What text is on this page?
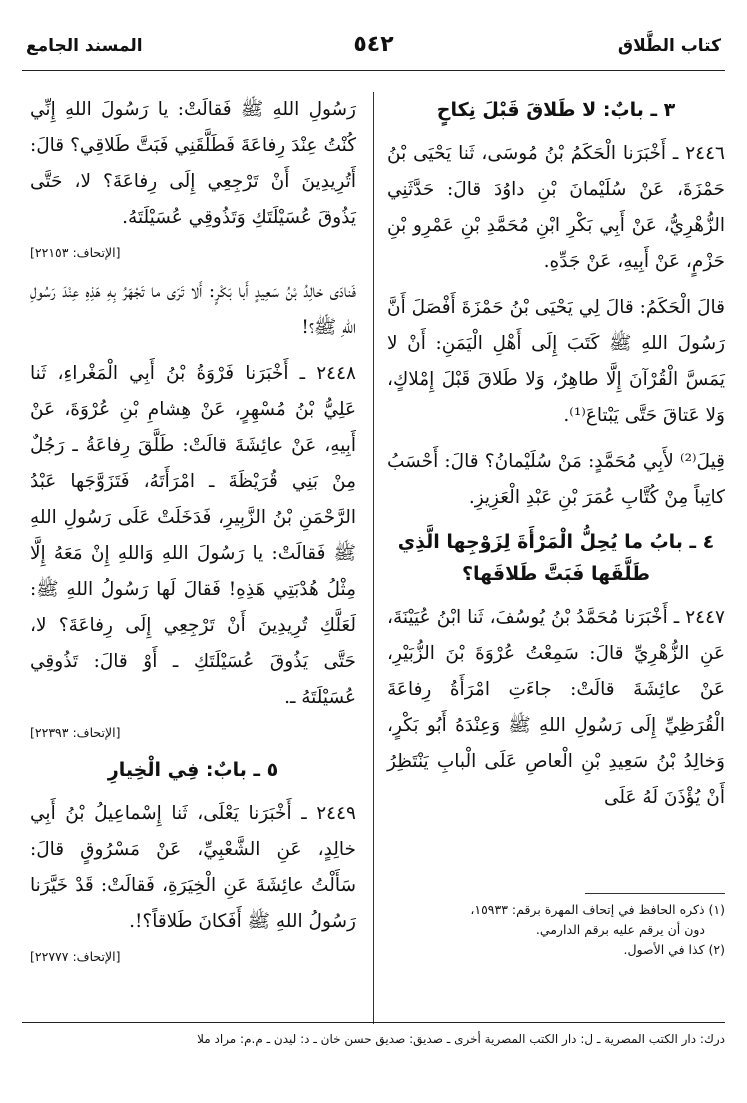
كتاب الطَّلاق
٥٤٢
المسند الجامع
٣ ـ بابٌ: لا طَلاقَ قَبْلَ نِكاحٍ

٢٤٤٦ ـ أَخْبَرَنا الْحَكَمُ بْنُ مُوسَى، ثَنا يَحْيَى بْنُ حَمْزَةَ، عَنْ سُلَيْمانَ بْنِ داوُدَ قالَ: حَدَّثَنِي الزُّهْرِيُّ، عَنْ أَبِي بَكْرِ ابْنِ مُحَمَّدِ بْنِ عَمْرِو بْنِ حَزْمٍ، عَنْ أَبِيهِ، عَنْ جَدِّهِ.

قالَ الْحَكَمُ: قالَ لِي يَحْيَى بْنُ حَمْزَةَ أَفْصَلَ أَنَّ رَسُولَ اللهِ ﷺ كَتَبَ إِلَى أَهْلِ الْيَمَنِ: أَنْ لا يَمَسَّ الْقُرْآنَ إِلَّا طاهِرٌ، وَلا طَلاقَ قَبْلَ إِمْلاكٍ، وَلا عَتاقَ حَتَّى يَبْتاعَ⁽¹⁾.

قِيلَ⁽²⁾ لأَبِي مُحَمَّدٍ: مَنْ سُلَيْمانُ؟ قالَ: أَحْسَبُ كاتِباً مِنْ كُتَّابِ عُمَرَ بْنِ عَبْدِ الْعَزِيزِ.

٤ ـ بابُ ما يُحِلُّ الْمَرْأَةَ لِزَوْجِها الَّذِي طَلَّقَها فَبَتَّ طَلاقَها؟

٢٤٤٧ ـ أَخْبَرَنا مُحَمَّدُ بْنُ يُوسُفَ، ثَنا ابْنُ عُيَيْنَةَ، عَنِ الزُّهْرِيِّ قالَ: سَمِعْتُ عُرْوَةَ بْنَ الزُّبَيْرِ، عَنْ عائِشَةَ قالَتْ: جاءَتِ امْرَأَةُ رِفاعَةَ الْقُرَظِيِّ إِلَى رَسُولِ اللهِ ﷺ وَعِنْدَهُ أَبُو بَكْرٍ، وَخالِدُ بْنُ سَعِيدِ بْنِ الْعاصِ عَلَى الْبابِ يَنْتَظِرُ أَنْ يُؤْذَنَ لَهُ عَلَى

رَسُولِ اللهِ ﷺ فَقالَتْ: يا رَسُولَ اللهِ إِنِّي كُنْتُ عِنْدَ رِفاعَةَ فَطَلَّقَنِي فَبَتَّ طَلاقِي؟ قالَ: أَتُرِيدِينَ أَنْ تَرْجِعِي إِلَى رِفاعَةَ؟ لا، حَتَّى يَذُوقَ عُسَيْلَتَكِ وَتَذُوقِي عُسَيْلَتَهُ.

[الإتحاف: ٢٢١٥٣]

فَنادَى خالِدُ بْنُ سَعِيدٍ أَبا بَكْرٍ: أَلا تَرَى ما تَجْهَرُ بِهِ هَذِهِ عِنْدَ رَسُولِ اللهِ ﷺ؟!

٢٤٤٨ ـ أَخْبَرَنا فَرْوَةُ بْنُ أَبِي الْمَغْراءِ، ثَنا عَلِيُّ بْنُ مُسْهِرٍ، عَنْ هِشامِ بْنِ عُرْوَةَ، عَنْ أَبِيهِ، عَنْ عائِشَةَ قالَتْ: طَلَّقَ رِفاعَةُ ـ رَجُلٌ مِنْ بَنِي قُرَيْظَةَ ـ امْرَأَتَهُ، فَتَزَوَّجَها عَبْدُ الرَّحْمَنِ بْنُ الزَّبِيرِ، فَدَخَلَتْ عَلَى رَسُولِ اللهِ ﷺ فَقالَتْ: يا رَسُولَ اللهِ وَاللهِ إِنْ مَعَهُ إِلَّا مِثْلُ هُدْبَتِي هَذِهِ! فَقالَ لَها رَسُولُ اللهِ ﷺ: لَعَلَّكِ تُرِيدِينَ أَنْ تَرْجِعِي إِلَى رِفاعَةَ؟ لا، حَتَّى يَذُوقَ عُسَيْلَتَكِ ـ أَوْ قالَ: تَذُوقِي عُسَيْلَتَهُ ـ.

[الإتحاف: ٢٢٣٩٣]
٥ ـ بابٌ: فِي الْخِيارِ

٢٤٤٩ ـ أَخْبَرَنا يَعْلَى، ثَنا إِسْماعِيلُ بْنُ أَبِي خالِدٍ، عَنِ الشَّعْبِيِّ، عَنْ مَسْرُوقٍ قالَ: سَأَلْتُ عائِشَةَ عَنِ الْخِيَرَةِ، فَقالَتْ: قَدْ خَيَّرَنا رَسُولُ اللهِ ﷺ أَفَكانَ طَلاقاً؟!.

[الإتحاف: ٢٢٧٧٧]
(١) ذكره الحافظ في إتحاف المهرة برقم: ١٥٩٣٣،
دون أن يرقم عليه برقم الدارمي.
(٢) كذا في الأصول.
درك: دار الكتب المصرية ـ ل: دار الكتب المصرية أخرى ـ صديق: صديق حسن خان ـ د: ليدن ـ م.م: مراد ملا
